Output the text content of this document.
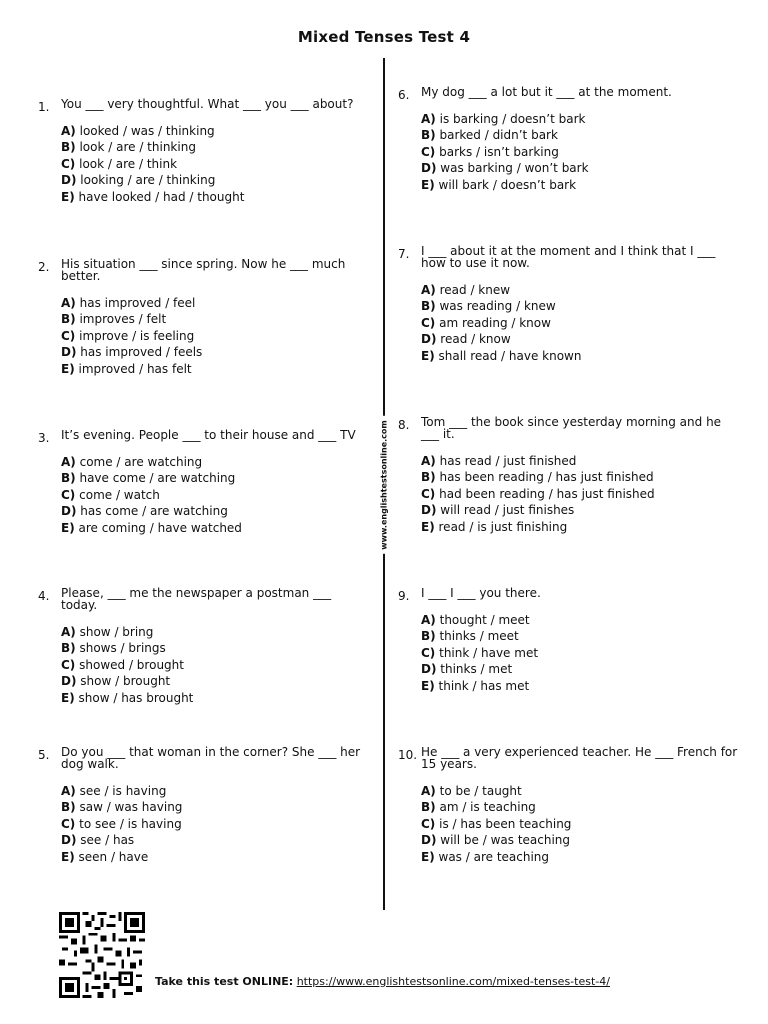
Mixed Tenses Test 4
www.englishtestsonline.com
1. You ___ very thoughtful. What ___ you ___ about?

A) looked / was / thinking
B) look / are / thinking
C) look / are / think
D) looking / are / thinking
E) have looked / had / thought
2. His situation ___ since spring. Now he ___ much better.

A) has improved / feel
B) improves / felt
C) improve / is feeling
D) has improved / feels
E) improved / has felt
3. It’s evening. People ___ to their house and ___ TV

A) come / are watching
B) have come / are watching
C) come / watch
D) has come / are watching
E) are coming / have watched
4. Please, ___ me the newspaper a postman ___ today.

A) show / bring
B) shows / brings
C) showed / brought
D) show / brought
E) show / has brought
5. Do you ___ that woman in the corner? She ___ her dog walk.

A) see / is having
B) saw / was having
C) to see / is having
D) see / has
E) seen / have
6. My dog ___ a lot but it ___ at the moment.

A) is barking / doesn’t bark
B) barked / didn’t bark
C) barks / isn’t barking
D) was barking / won’t bark
E) will bark / doesn’t bark
7. I ___ about it at the moment and I think that I ___ how to use it now.

A) read / knew
B) was reading / knew
C) am reading / know
D) read / know
E) shall read / have known
8. Tom ___ the book since yesterday morning and he ___ it.

A) has read / just finished
B) has been reading / has just finished
C) had been reading / has just finished
D) will read / just finishes
E) read / is just finishing
9. I ___ I ___ you there.

A) thought / meet
B) thinks / meet
C) think / have met
D) thinks / met
E) think / has met
10. He ___ a very experienced teacher. He ___ French for 15 years.

A) to be / taught
B) am / is teaching
C) is / has been teaching
D) will be / was teaching
E) was / are teaching
Take this test ONLINE: https://www.englishtestsonline.com/mixed-tenses-test-4/
